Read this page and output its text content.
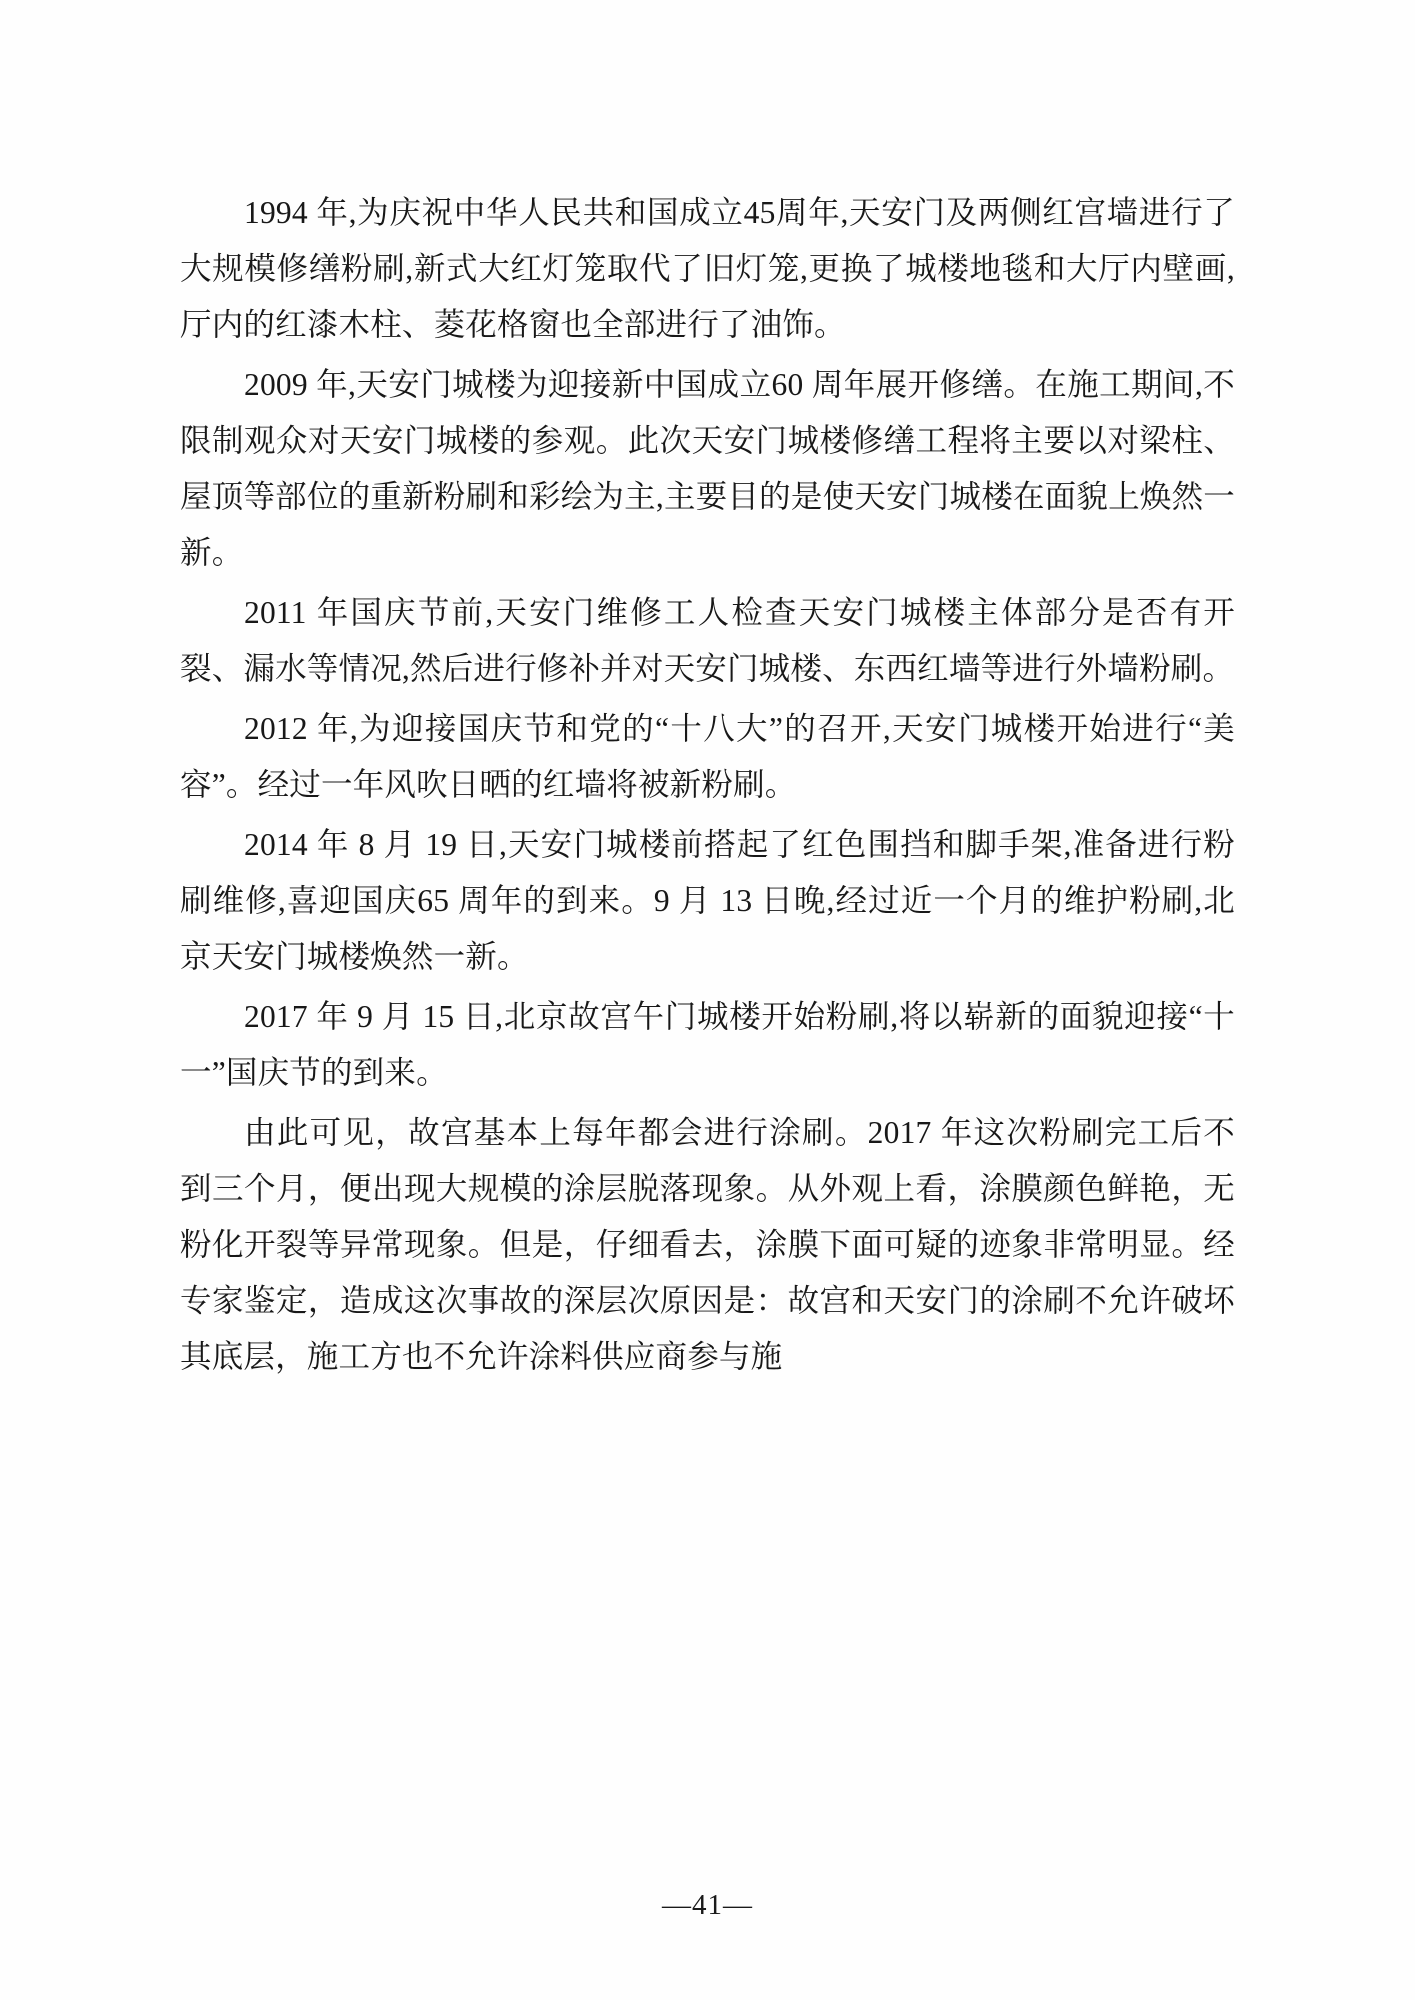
1994 年,为庆祝中华人民共和国成立45周年,天安门及两侧红宫墙进行了大规模修缮粉刷,新式大红灯笼取代了旧灯笼,更换了城楼地毯和大厅内壁画,厅内的红漆木柱、菱花格窗也全部进行了油饰。

2009 年,天安门城楼为迎接新中国成立60 周年展开修缮。在施工期间,不限制观众对天安门城楼的参观。此次天安门城楼修缮工程将主要以对梁柱、屋顶等部位的重新粉刷和彩绘为主,主要目的是使天安门城楼在面貌上焕然一新。

2011 年国庆节前,天安门维修工人检查天安门城楼主体部分是否有开裂、漏水等情况,然后进行修补并对天安门城楼、东西红墙等进行外墙粉刷。

2012 年,为迎接国庆节和党的“十八大”的召开,天安门城楼开始进行“美容”。经过一年风吹日晒的红墙将被新粉刷。

2014 年 8 月 19 日,天安门城楼前搭起了红色围挡和脚手架,准备进行粉刷维修,喜迎国庆65 周年的到来。9 月 13 日晚,经过近一个月的维护粉刷,北京天安门城楼焕然一新。

2017 年 9 月 15 日,北京故宫午门城楼开始粉刷,将以崭新的面貌迎接“十一”国庆节的到来。

由此可见，故宫基本上每年都会进行涂刷。2017 年这次粉刷完工后不到三个月，便出现大规模的涂层脱落现象。从外观上看，涂膜颜色鲜艳，无粉化开裂等异常现象。但是，仔细看去，涂膜下面可疑的迹象非常明显。经专家鉴定，造成这次事故的深层次原因是：故宫和天安门的涂刷不允许破坏其底层，施工方也不允许涂料供应商参与施

—41—
